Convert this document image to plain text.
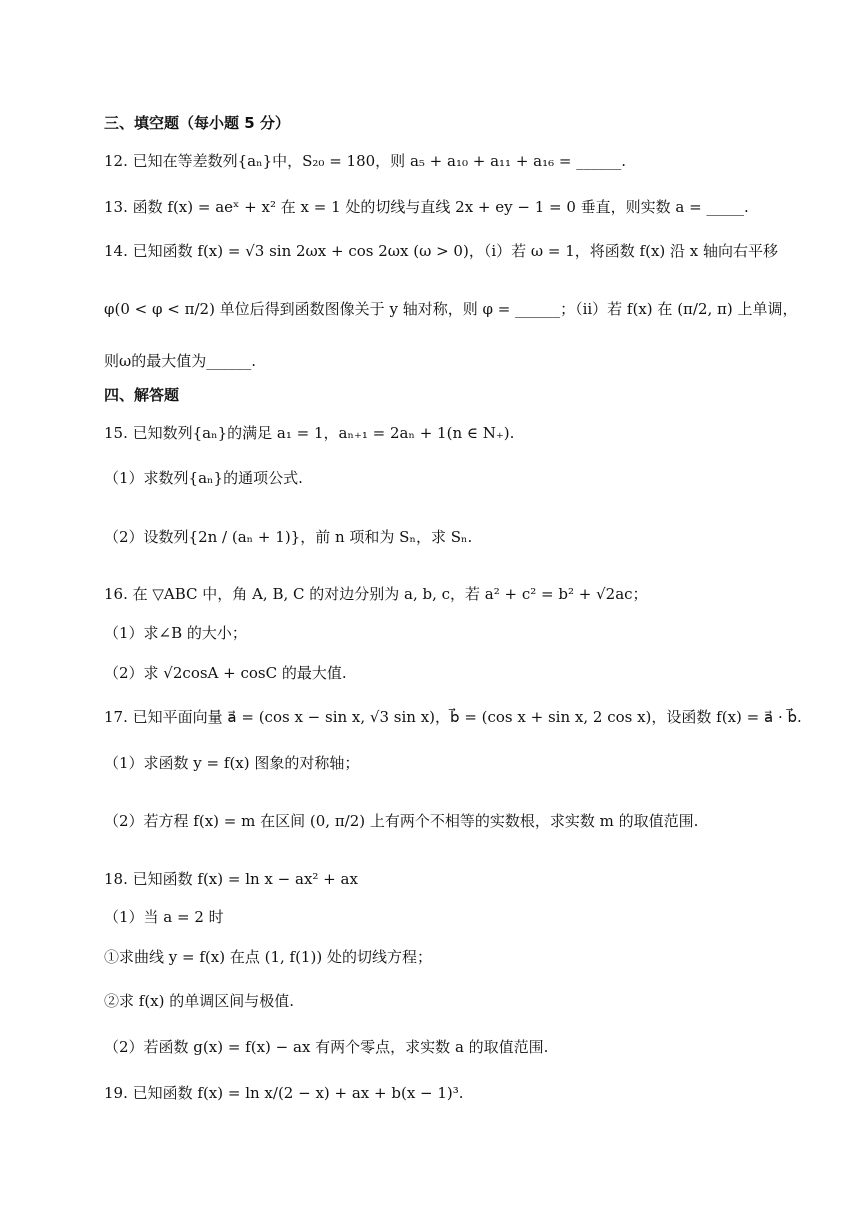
三、填空题（每小题 5 分）
12. 已知在等差数列{aₙ}中，S₂₀ = 180，则 a₅ + a₁₀ + a₁₁ + a₁₆ = ______.
13. 函数 f(x) = aeˣ + x² 在 x = 1 处的切线与直线 2x + ey − 1 = 0 垂直，则实数 a = _____.
14. 已知函数 f(x) = √3 sin 2ωx + cos 2ωx (ω > 0)，（i）若 ω = 1，将函数 f(x) 沿 x 轴向右平移
φ(0 < φ < π/2) 单位后得到函数图像关于 y 轴对称，则 φ = ______；（ii）若 f(x) 在 (π/2, π) 上单调，
则ω的最大值为______.
四、解答题
15. 已知数列{aₙ}的满足 a₁ = 1，aₙ₊₁ = 2aₙ + 1(n ∈ N₊).
（1）求数列{aₙ}的通项公式.
（2）设数列{2n / (aₙ + 1)}，前 n 项和为 Sₙ，求 Sₙ.
16. 在 ▽ABC 中，角 A, B, C 的对边分别为 a, b, c，若 a² + c² = b² + √2ac；
（1）求∠B 的大小；
（2）求 √2cosA + cosC 的最大值.
17. 已知平面向量 a⃗ = (cos x − sin x, √3 sin x)，b⃗ = (cos x + sin x, 2 cos x)，设函数 f(x) = a⃗ · b⃗.
（1）求函数 y = f(x) 图象的对称轴；
（2）若方程 f(x) = m 在区间 (0, π/2) 上有两个不相等的实数根，求实数 m 的取值范围.
18. 已知函数 f(x) = ln x − ax² + ax
（1）当 a = 2 时
①求曲线 y = f(x) 在点 (1, f(1)) 处的切线方程；
②求 f(x) 的单调区间与极值.
（2）若函数 g(x) = f(x) − ax 有两个零点，求实数 a 的取值范围.
19. 已知函数 f(x) = ln x/(2 − x) + ax + b(x − 1)³.
